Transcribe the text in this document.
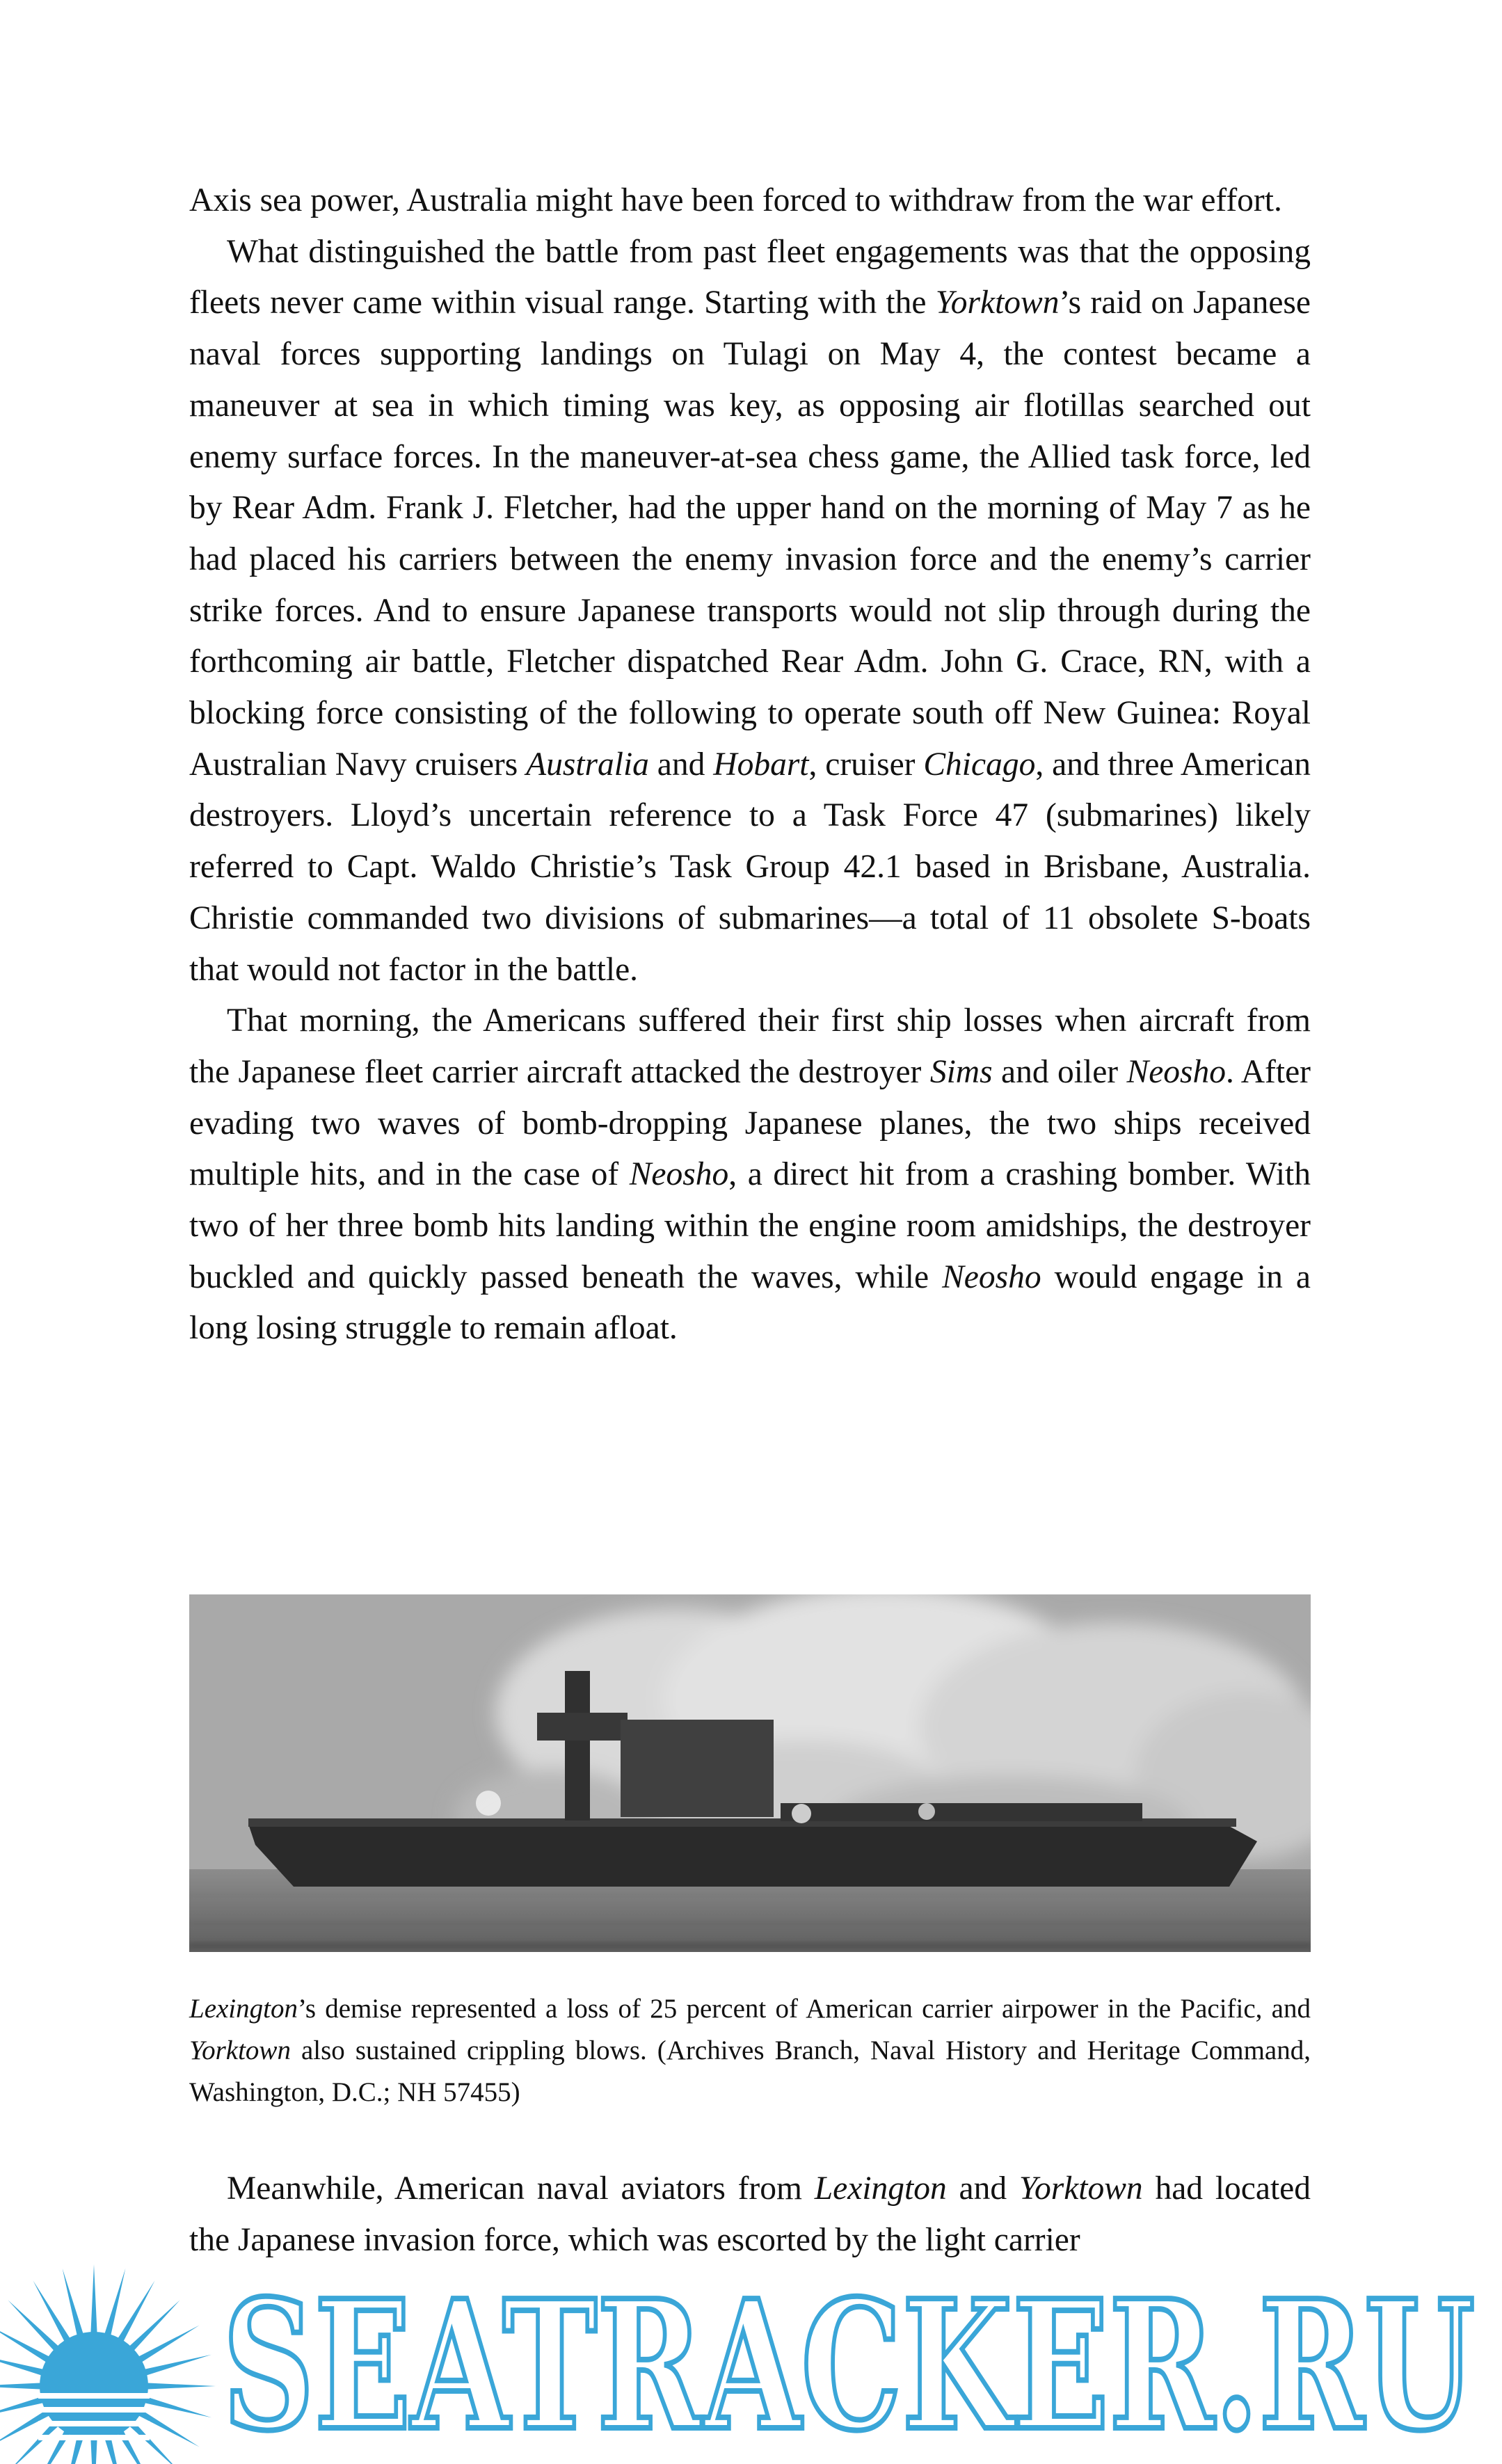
Axis sea power, Australia might have been forced to withdraw from the war effort.

What distinguished the battle from past fleet engagements was that the opposing fleets never came within visual range. Starting with the Yorktown’s raid on Japanese naval forces supporting landings on Tulagi on May 4, the contest became a maneuver at sea in which timing was key, as opposing air flotillas searched out enemy surface forces. In the maneuver-at-sea chess game, the Allied task force, led by Rear Adm. Frank J. Fletcher, had the upper hand on the morning of May 7 as he had placed his carriers between the enemy invasion force and the enemy’s carrier strike forces. And to ensure Japanese transports would not slip through during the forthcoming air battle, Fletcher dispatched Rear Adm. John G. Crace, RN, with a blocking force consisting of the following to operate south off New Guinea: Royal Australian Navy cruisers Australia and Hobart, cruiser Chicago, and three American destroyers. Lloyd’s uncertain reference to a Task Force 47 (submarines) likely referred to Capt. Waldo Christie’s Task Group 42.1 based in Brisbane, Australia. Christie commanded two divisions of submarines—a total of 11 obsolete S-boats that would not factor in the battle.

That morning, the Americans suffered their first ship losses when aircraft from the Japanese fleet carrier aircraft attacked the destroyer Sims and oiler Neosho. After evading two waves of bomb-dropping Japanese planes, the two ships received multiple hits, and in the case of Neosho, a direct hit from a crashing bomber. With two of her three bomb hits landing within the engine room amidships, the destroyer buckled and quickly passed beneath the waves, while Neosho would engage in a long losing struggle to remain afloat.

Lexington’s demise represented a loss of 25 percent of American carrier airpower in the Pacific, and Yorktown also sustained crippling blows. (Archives Branch, Naval History and Heritage Command, Washington, D.C.; NH 57455)

Meanwhile, American naval aviators from Lexington and Yorktown had located the Japanese invasion force, which was escorted by the light carrier

SEATRACKER.RU
